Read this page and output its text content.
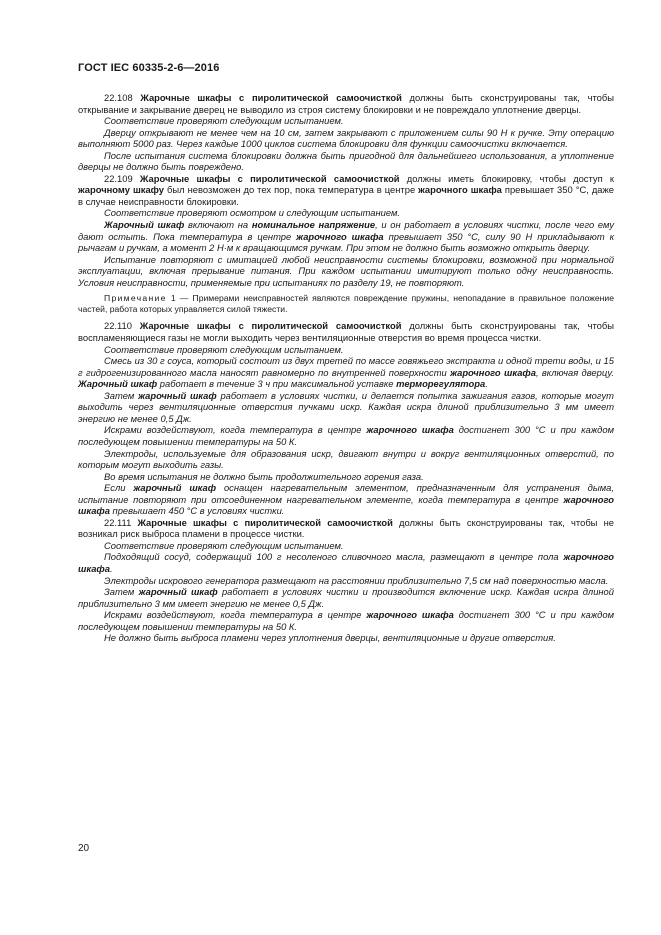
ГОСТ IEC 60335-2-6—2016

22.108 Жарочные шкафы с пиролитической самоочисткой должны быть сконструированы так, чтобы открывание и закрывание дверец не выводило из строя систему блокировки и не повреждало уплотнение дверцы.

Соответствие проверяют следующим испытанием.

Дверцу открывают не менее чем на 10 см, затем закрывают с приложением силы 90 Н к ручке. Эту операцию выполняют 5000 раз. Через каждые 1000 циклов система блокировки для функции самоочистки включается.

После испытания система блокировки должна быть пригодной для дальнейшего использования, а уплотнение дверцы не должно быть повреждено.

22.109 Жарочные шкафы с пиролитической самоочисткой должны иметь блокировку, чтобы доступ к жарочному шкафу был невозможен до тех пор, пока температура в центре жарочного шкафа превышает 350 °С, даже в случае неисправности блокировки.

Соответствие проверяют осмотром и следующим испытанием.

Жарочный шкаф включают на номинальное напряжение, и он работает в условиях чистки, после чего ему дают остыть. Пока температура в центре жарочного шкафа превышает 350 °С, силу 90 Н прикладывают к рычагам и ручкам, а момент 2 Н·м к вращающимся ручкам. При этом не должно быть возможно открыть дверцу.

Испытание повторяют с имитацией любой неисправности системы блокировки, возможной при нормальной эксплуатации, включая прерывание питания. При каждом испытании имитируют только одну неисправность. Условия неисправности, применяемые при испытаниях по разделу 19, не повторяют.

Примечание 1 — Примерами неисправностей являются повреждение пружины, непопадание в правильное положение частей, работа которых управляется силой тяжести.

22.110 Жарочные шкафы с пиролитической самоочисткой должны быть сконструированы так, чтобы воспламеняющиеся газы не могли выходить через вентиляционные отверстия во время процесса чистки.

Соответствие проверяют следующим испытанием.

Смесь из 30 г соуса, который состоит из двух третей по массе говяжьего экстракта и одной трети воды, и 15 г гидрогенизированного масла наносят равномерно по внутренней поверхности жарочного шкафа, включая дверцу. Жарочный шкаф работает в течение 3 ч при максимальной уставке терморегулятора.

Затем жарочный шкаф работает в условиях чистки, и делается попытка зажигания газов, которые могут выходить через вентиляционные отверстия пучками искр. Каждая искра длиной приблизительно 3 мм имеет энергию не менее 0,5 Дж.

Искрами воздействуют, когда температура в центре жарочного шкафа достигнет 300 °С и при каждом последующем повышении температуры на 50 К.

Электроды, используемые для образования искр, двигают внутри и вокруг вентиляционных отверстий, по которым могут выходить газы.

Во время испытания не должно быть продолжительного горения газа.

Если жарочный шкаф оснащен нагревательным элементом, предназначенным для устранения дыма, испытание повторяют при отсоединенном нагревательном элементе, когда температура в центре жарочного шкафа превышает 450 °С в условиях чистки.

22.111 Жарочные шкафы с пиролитической самоочисткой должны быть сконструированы так, чтобы не возникал риск выброса пламени в процессе чистки.

Соответствие проверяют следующим испытанием.

Подходящий сосуд, содержащий 100 г несоленого сливочного масла, размещают в центре пола жарочного шкафа.

Электроды искрового генератора размещают на расстоянии приблизительно 7,5 см над поверхностью масла.

Затем жарочный шкаф работает в условиях чистки и производится включение искр. Каждая искра длиной приблизительно 3 мм имеет энергию не менее 0,5 Дж.

Искрами воздействуют, когда температура в центре жарочного шкафа достигнет 300 °С и при каждом последующем повышении температуры на 50 К.

Не должно быть выброса пламени через уплотнения дверцы, вентиляционные и другие отверстия.

20
